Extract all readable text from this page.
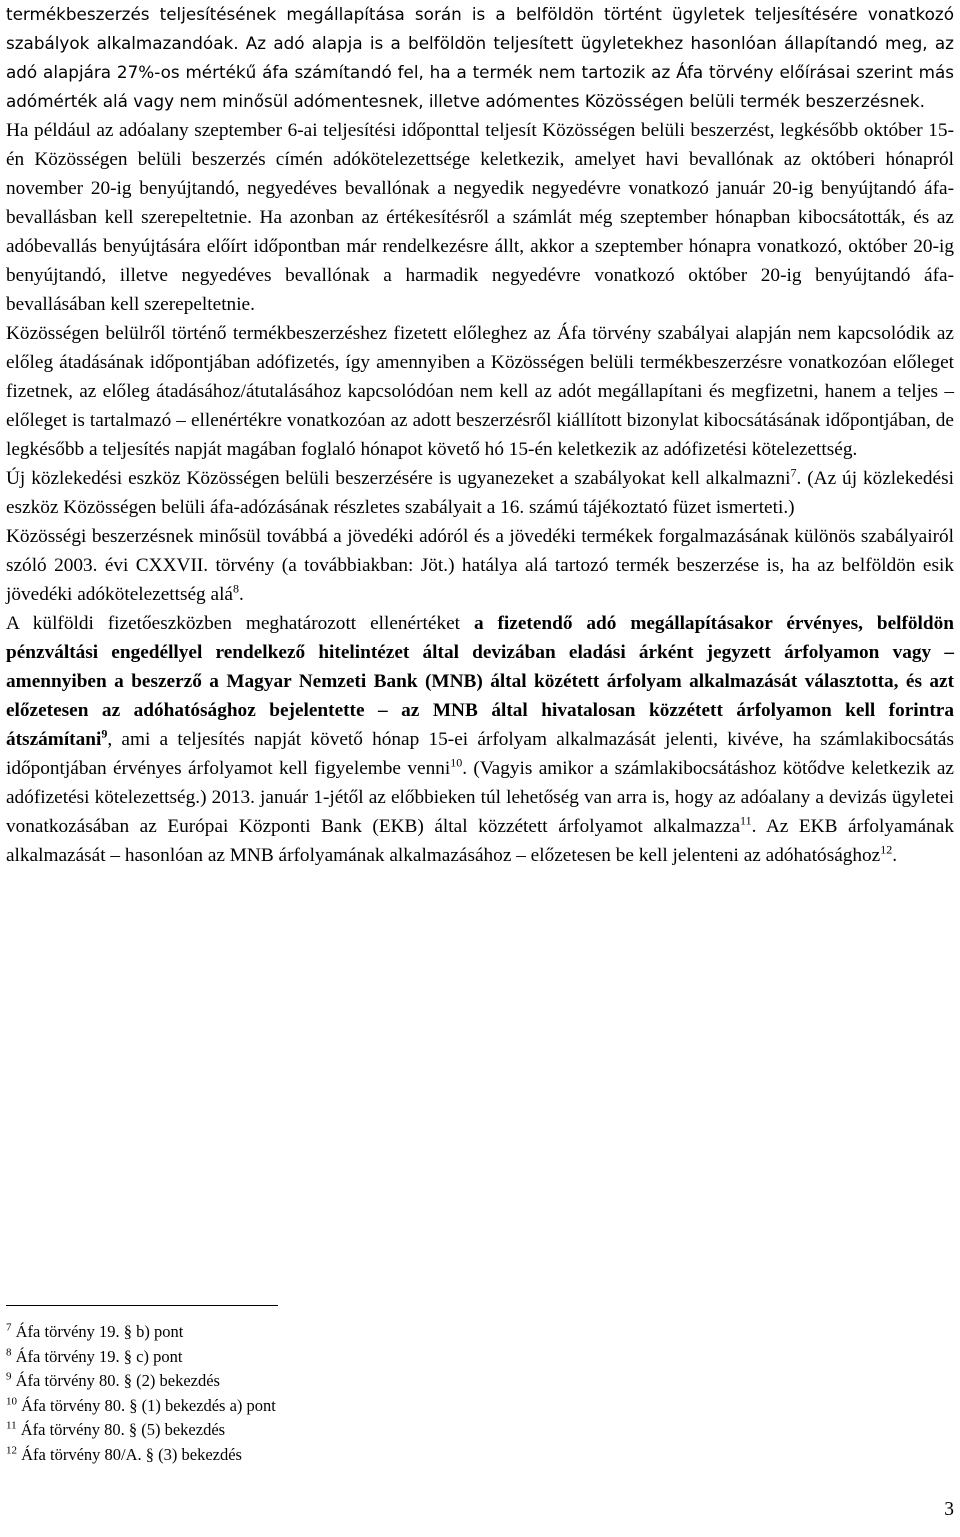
termékbeszerzés teljesítésének megállapítása során is a belföldön történt ügyletek teljesítésére vonatkozó szabályok alkalmazandóak. Az adó alapja is a belföldön teljesített ügyletekhez hasonlóan állapítandó meg, az adó alapjára 27%-os mértékű áfa számítandó fel, ha a termék nem tartozik az Áfa törvény előírásai szerint más adómérték alá vagy nem minősül adómentesnek, illetve adómentes Közösségen belüli termék beszerzésnek.

Ha például az adóalany szeptember 6-ai teljesítési időponttal teljesít Közösségen belüli beszerzést, legkésőbb október 15-én Közösségen belüli beszerzés címén adókötelezettsége keletkezik, amelyet havi bevallónak az októberi hónapról november 20-ig benyújtandó, negyedéves bevallónak a negyedik negyedévre vonatkozó január 20-ig benyújtandó áfa-bevallásban kell szerepeltetnie. Ha azonban az értékesítésről a számlát még szeptember hónapban kibocsátották, és az adóbevallás benyújtására előírt időpontban már rendelkezésre állt, akkor a szeptember hónapra vonatkozó, október 20-ig benyújtandó, illetve negyedéves bevallónak a harmadik negyedévre vonatkozó október 20-ig benyújtandó áfa-bevallásában kell szerepeltetnie.

Közösségen belülről történő termékbeszerzéshez fizetett előleghez az Áfa törvény szabályai alapján nem kapcsolódik az előleg átadásának időpontjában adófizetés, így amennyiben a Közösségen belüli termékbeszerzésre vonatkozóan előleget fizetnek, az előleg átadásához/átutalásához kapcsolódóan nem kell az adót megállapítani és megfizetni, hanem a teljes – előleget is tartalmazó – ellenértékre vonatkozóan az adott beszerzésről kiállított bizonylat kibocsátásának időpontjában, de legkésőbb a teljesítés napját magában foglaló hónapot követő hó 15-én keletkezik az adófizetési kötelezettség.

Új közlekedési eszköz Közösségen belüli beszerzésére is ugyanezeket a szabályokat kell alkalmazni$^7$. (Az új közlekedési eszköz Közösségen belüli áfa-adózásának részletes szabályait a 16. számú tájékoztató füzet ismerteti.)

Közösségi beszerzésnek minősül továbbá a jövedéki adóról és a jövedéki termékek forgalmazásának különös szabályairól szóló 2003. évi CXXVII. törvény (a továbbiakban: Jöt.) hatálya alá tartozó termék beszerzése is, ha az belföldön esik jövedéki adókötelezettség alá$^8$.

A külföldi fizetőeszközben meghatározott ellenértéket a fizetendő adó megállapításakor érvényes, belföldön pénzváltási engedéllyel rendelkező hitelintézet által devizában eladási árként jegyzett árfolyamon vagy – amennyiben a beszerző a Magyar Nemzeti Bank (MNB) által közétett árfolyam alkalmazását választotta, és azt előzetesen az adóhatósághoz bejelentette – az MNB által hivatalosan közzétett árfolyamon kell forintra átszámítani$^9$, ami a teljesítés napját követő hónap 15-ei árfolyam alkalmazását jelenti, kivéve, ha számlakibocsátás időpontjában érvényes árfolyamot kell figyelembe venni$^{10}$. (Vagyis amikor a számlakibocsátáshoz kötődve keletkezik az adófizetési kötelezettség.) 2013. január 1-jétől az előbbieken túl lehetőség van arra is, hogy az adóalany a devizás ügyletei vonatkozásában az Európai Központi Bank (EKB) által közzétett árfolyamot alkalmazza$^{11}$. Az EKB árfolyamának alkalmazását – hasonlóan az MNB árfolyamának alkalmazásához – előzetesen be kell jelenteni az adóhatósághoz$^{12}$.

$^7$ Áfa törvény 19. § b) pont

$^8$ Áfa törvény 19. § c) pont

$^9$ Áfa törvény 80. § (2) bekezdés

$^{10}$ Áfa törvény 80. § (1) bekezdés a) pont

$^{11}$ Áfa törvény 80. § (5) bekezdés

$^{12}$ Áfa törvény 80/A. § (3) bekezdés

3
